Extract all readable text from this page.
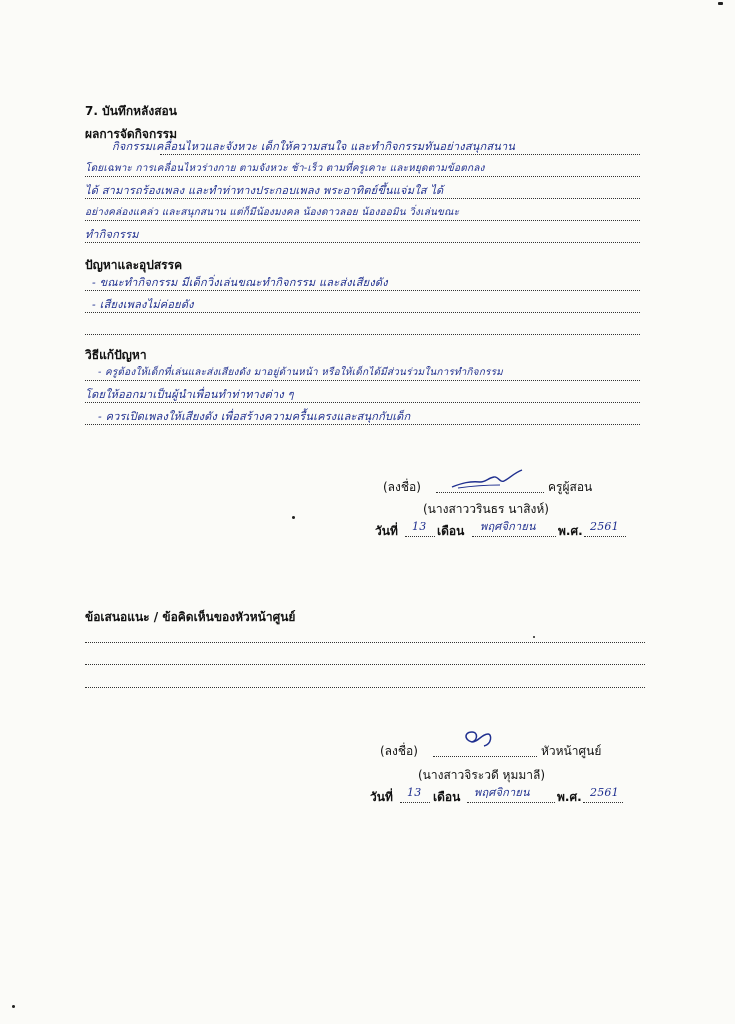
7. บันทึกหลังสอน
ผลการจัดกิจกรรม
กิจกรรมเคลื่อนไหวและจังหวะ เด็กให้ความสนใจ และทำกิจกรรมทันอย่างสนุกสนาน
โดยเฉพาะ การเคลื่อนไหวร่างกาย ตามจังหวะ ช้า-เร็ว ตามที่ครูเคาะ และหยุดตามข้อตกลง
ได้ สามารถร้องเพลง และทำท่าทางประกอบเพลง พระอาทิตย์ขึ้นแจ่มใส ได้
อย่างคล่องแคล่ว และสนุกสนาน แต่ก็มีน้องมงคล น้องดาวลอย น้องออมิน วิ่งเล่นขณะ
ทำกิจกรรม
ปัญหาและอุปสรรค
- ขณะทำกิจกรรม มีเด็กวิ่งเล่นขณะทำกิจกรรม และส่งเสียงดัง
- เสียงเพลงไม่ค่อยดัง
วิธีแก้ปัญหา
- ครูต้องให้เด็กที่เล่นและส่งเสียงดัง มาอยู่ด้านหน้า หรือให้เด็กได้มีส่วนร่วมในการทำกิจกรรม
โดยให้ออกมาเป็นผู้นำเพื่อนทำท่าทางต่าง ๆ
- ควรเปิดเพลงให้เสียงดัง เพื่อสร้างความครื้นเครงและสนุกกับเด็ก
(ลงชื่อ)	ครูผู้สอน
(นางสาววรินธร นาสิงห์)
วันที่ 13 เดือน พฤศจิกายน พ.ศ. 2561
ข้อเสนอแนะ / ข้อคิดเห็นของหัวหน้าศูนย์
(ลงชื่อ)	หัวหน้าศูนย์
(นางสาวจิระวดี หุมมาลี)
วันที่ 13 เดือน พฤศจิกายน พ.ศ. 2561
